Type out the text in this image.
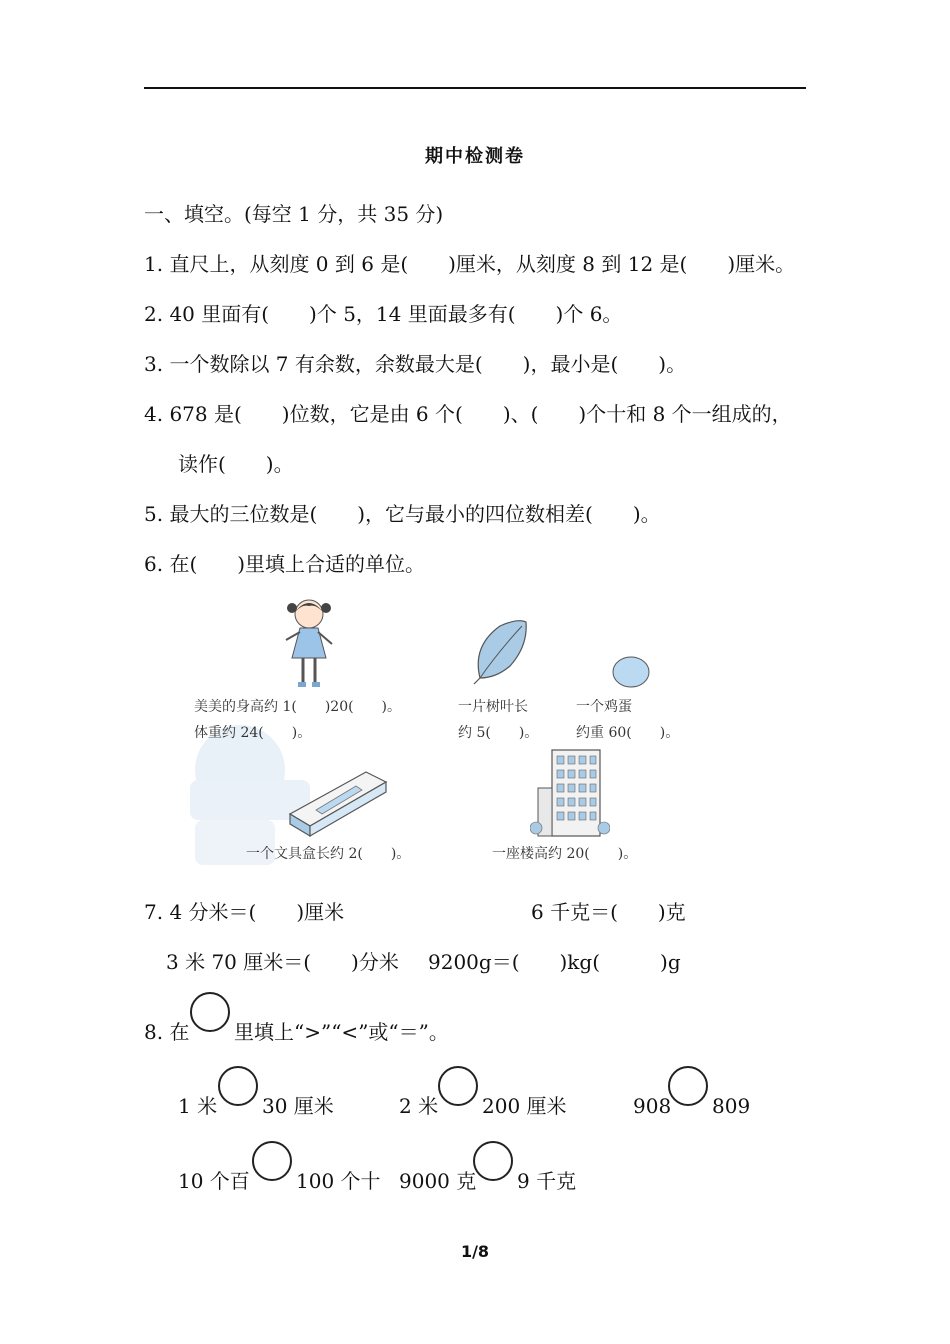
期中检测卷
一、填空。(每空 1 分，共 35 分)
1. 直尺上，从刻度 0 到 6 是(　　)厘米，从刻度 8 到 12 是(　　)厘米。
2. 40 里面有(　　)个 5，14 里面最多有(　　)个 6。
3. 一个数除以 7 有余数，余数最大是(　　)，最小是(　　)。
4. 678 是(　　)位数，它是由 6 个(　　)、(　　)个十和 8 个一组成的，
读作(　　)。
5. 最大的三位数是(　　)，它与最小的四位数相差(　　)。
6. 在(　　)里填上合适的单位。
美美的身高约 1(　　)20(　　)。
体重约 24(　　)。
一片树叶长
约 5(　　)。
一个鸡蛋
约重 60(　　)。
一个文具盒长约 2(　　)。	一座楼高约 20(　　)。
7. 4 分米＝(　　)厘米	6 千克＝(　　)克
3 米 70 厘米＝(　　)分米 9200g＝(　　)kg(　　　)g
8. 在 里填上“>”“<”或“＝”。
1 米 30 厘米	2 米 200 厘米	908 809
10 个百 100 个十 9000 克 9 千克
1/8
